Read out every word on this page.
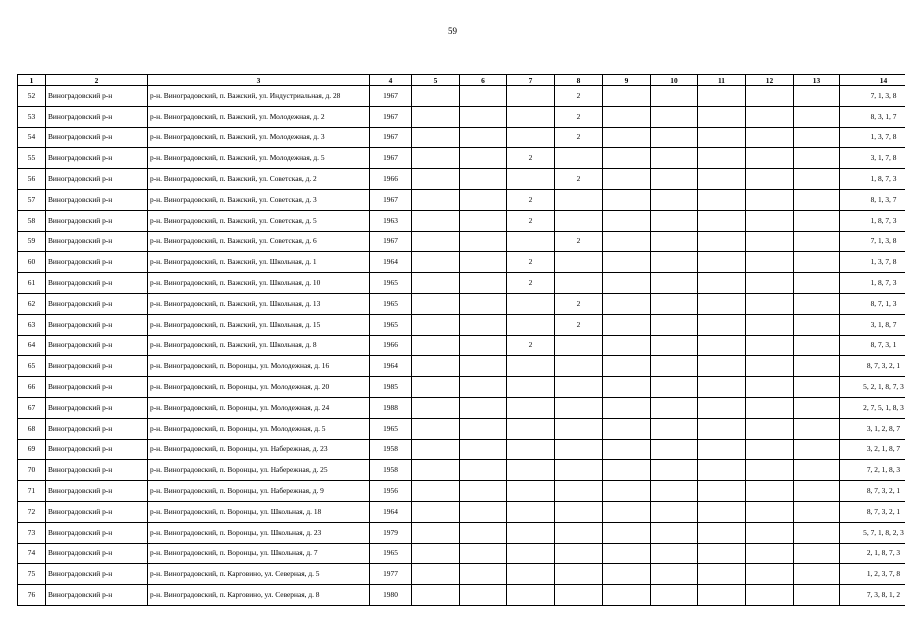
59
1	2	3	4	5	6	7	8	9	10	11	12	13	14
52	Виноградовский р-н	р-н. Виноградовский, п. Важский, ул. Индустриальная, д. 28	1967				2						7, 1, 3, 8
53	Виноградовский р-н	р-н. Виноградовский, п. Важский, ул. Молодежная, д. 2	1967				2						8, 3, 1, 7
54	Виноградовский р-н	р-н. Виноградовский, п. Важский, ул. Молодежная, д. 3	1967				2						1, 3, 7, 8
55	Виноградовский р-н	р-н. Виноградовский, п. Важский, ул. Молодежная, д. 5	1967			2							3, 1, 7, 8
56	Виноградовский р-н	р-н. Виноградовский, п. Важский, ул. Советская, д. 2	1966				2						1, 8, 7, 3
57	Виноградовский р-н	р-н. Виноградовский, п. Важский, ул. Советская, д. 3	1967			2							8, 1, 3, 7
58	Виноградовский р-н	р-н. Виноградовский, п. Важский, ул. Советская, д. 5	1963			2							1, 8, 7, 3
59	Виноградовский р-н	р-н. Виноградовский, п. Важский, ул. Советская, д. 6	1967				2						7, 1, 3, 8
60	Виноградовский р-н	р-н. Виноградовский, п. Важский, ул. Школьная, д. 1	1964			2							1, 3, 7, 8
61	Виноградовский р-н	р-н. Виноградовский, п. Важский, ул. Школьная, д. 10	1965			2							1, 8, 7, 3
62	Виноградовский р-н	р-н. Виноградовский, п. Важский, ул. Школьная, д. 13	1965				2						8, 7, 1, 3
63	Виноградовский р-н	р-н. Виноградовский, п. Важский, ул. Школьная, д. 15	1965				2						3, 1, 8, 7
64	Виноградовский р-н	р-н. Виноградовский, п. Важский, ул. Школьная, д. 8	1966			2							8, 7, 3, 1
65	Виноградовский р-н	р-н. Виноградовский, п. Воронцы, ул. Молодежная, д. 16	1964										8, 7, 3, 2, 1
66	Виноградовский р-н	р-н. Виноградовский, п. Воронцы, ул. Молодежная, д. 20	1985										5, 2, 1, 8, 7, 3
67	Виноградовский р-н	р-н. Виноградовский, п. Воронцы, ул. Молодежная, д. 24	1988										2, 7, 5, 1, 8, 3
68	Виноградовский р-н	р-н. Виноградовский, п. Воронцы, ул. Молодежная, д. 5	1965										3, 1, 2, 8, 7
69	Виноградовский р-н	р-н. Виноградовский, п. Воронцы, ул. Набережная, д. 23	1958										3, 2, 1, 8, 7
70	Виноградовский р-н	р-н. Виноградовский, п. Воронцы, ул. Набережная, д. 25	1958										7, 2, 1, 8, 3
71	Виноградовский р-н	р-н. Виноградовский, п. Воронцы, ул. Набережная, д. 9	1956										8, 7, 3, 2, 1
72	Виноградовский р-н	р-н. Виноградовский, п. Воронцы, ул. Школьная, д. 18	1964										8, 7, 3, 2, 1
73	Виноградовский р-н	р-н. Виноградовский, п. Воронцы, ул. Школьная, д. 23	1979										5, 7, 1, 8, 2, 3
74	Виноградовский р-н	р-н. Виноградовский, п. Воронцы, ул. Школьная, д. 7	1965										2, 1, 8, 7, 3
75	Виноградовский р-н	р-н. Виноградовский, п. Карговино, ул. Северная, д. 5	1977										1, 2, 3, 7, 8
76	Виноградовский р-н	р-н. Виноградовский, п. Карговино, ул. Северная, д. 8	1980										7, 3, 8, 1, 2
